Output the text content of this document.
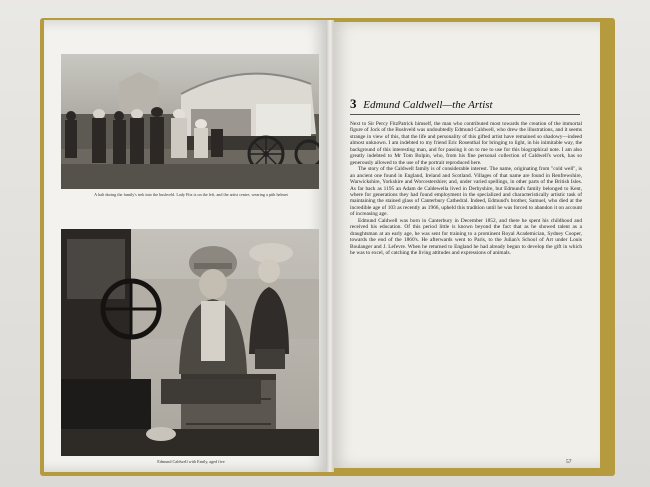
A halt during the family's trek into the bushveld. Lady Fitz is on the left, and the artist centre, wearing a pith helmet
Edmund Caldwell with Emily, aged five
3 Edmund Caldwell—the Artist

Next to Sir Percy FitzPatrick himself, the man who contributed most towards the creation of the immortal figure of Jock of the Bushveld was undoubtedly Edmund Caldwell, who drew the illustrations, and it seems strange in view of this, that the life and personality of this gifted artist have remained so shadowy—indeed almost unknown. I am indebted to my friend Eric Rosenthal for bringing to light, in his inimitable way, the background of this interesting man, and for passing it on to me to use for this biographical note. I am also greatly indebted to Mr Tom Bolpin, who, from his fine personal collection of Caldwell's work, has so generously allowed to the use of the portrait reproduced here.

The story of the Caldwell family is of considerable interest. The name, originating from "cold well", is an ancient one found in England, Ireland and Scotland. Villages of that name are found in Renfrewshire, Warwickshire, Yorkshire and Worcestershire; and, under varied spellings, in other parts of the British Isles. As far back as 1195 an Adam de Caldewella lived in Derbyshire, but Edmund's family belonged to Kent, where for generations they had found employment in the specialized and characteristically artistic task of maintaining the stained glass of Canterbury Cathedral. Indeed, Edmund's brother, Samuel, who died at the incredible age of 103 as recently as 1966, upheld this tradition until he was forced to abandon it on account of increasing age.

Edmund Caldwell was born in Canterbury in December 1852, and there he spent his childhood and received his education. Of this period little is known beyond the fact that as he showed talent as a draughtsman at an early age, he was sent for training to a prominent Royal Academician, Sydney Cooper, towards the end of the 1860's. He afterwards went to Paris, to the Julian's School of Art under Louis Boulanger and J. Lefevre. When he returned to England he had already begun to develop the gift in which he was to excel, of catching the living attitudes and expressions of animals.

57
